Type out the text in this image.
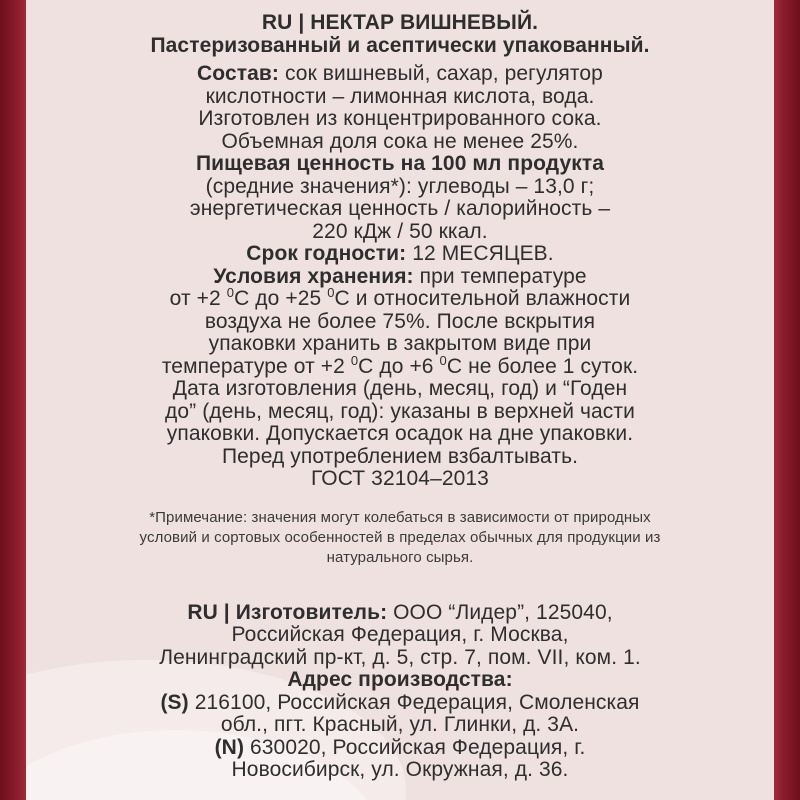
RU | НЕКТАР ВИШНЕВЫЙ.
Пастеризованный и асептически упакованный.
Состав: сок вишневый, сахар, регулятор
кислотности – лимонная кислота, вода.
Изготовлен из концентрированного сока.
Объемная доля сока не менее 25%.
Пищевая ценность на 100 мл продукта
(средние значения*): углеводы – 13,0 г;
энергетическая ценность / калорийность –
220 кДж / 50 ккал.
Срок годности: 12 МЕСЯЦЕВ.
Условия хранения: при температуре
от +2 $^0$С до +25 $^0$С и относительной влажности
воздуха не более 75%. После вскрытия
упаковки хранить в закрытом виде при
температуре от +2 $^0$С до +6 $^0$С не более 1 суток.
Дата изготовления (день, месяц, год) и “Годен
до” (день, месяц, год): указаны в верхней части
упаковки. Допускается осадок на дне упаковки.
Перед употреблением взбалтывать.
ГОСТ 32104–2013
*Примечание: значения могут колебаться в зависимости от природных
условий и сортовых особенностей в пределах обычных для продукции из
натурального сырья.
RU | Изготовитель: ООО “Лидер”, 125040,
Российская Федерация, г. Москва,
Ленинградский пр-кт, д. 5, стр. 7, пом. VII, ком. 1.
Адрес производства:
(S) 216100, Российская Федерация, Смоленская
обл., пгт. Красный, ул. Глинки, д. 3А.
(N) 630020, Российская Федерация, г.
Новосибирск, ул. Окружная, д. 36.
